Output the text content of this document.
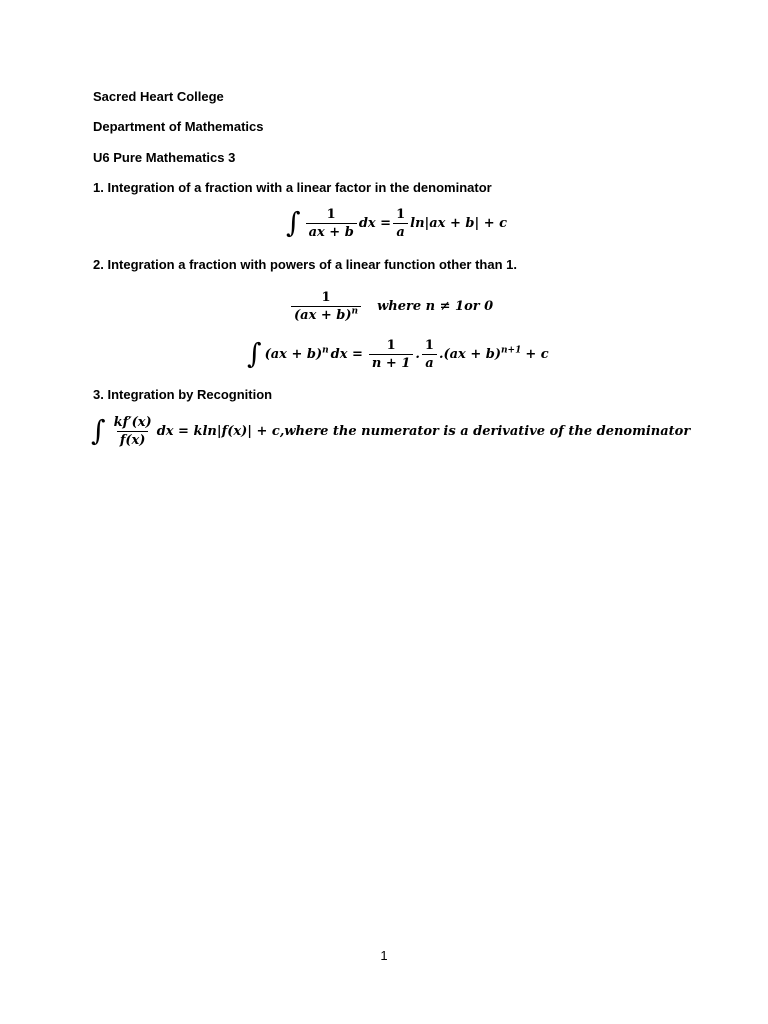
Sacred Heart College
Department of Mathematics
U6 Pure Mathematics 3
1. Integration of a fraction with a linear factor in the denominator
∫ $\frac{1}{ax + b}$ dx = $\frac{1}{a} \ln|ax + b| + c$
2. Integration a fraction with powers of a linear function other than 1.
$\frac{1}{(ax + b)^n}$ where n ≠ 1or 0
∫ (ax + b)$^n$ dx = $\frac{1}{n + 1}$ . $\frac{1}{a}$ . (ax + b)$^{n+1}$ + c
3. Integration by Recognition
∫ $\frac{kf'(x)}{f(x)}$ dx = kln|f(x)| + c,where the numerator is a derivative of the denominator
1
